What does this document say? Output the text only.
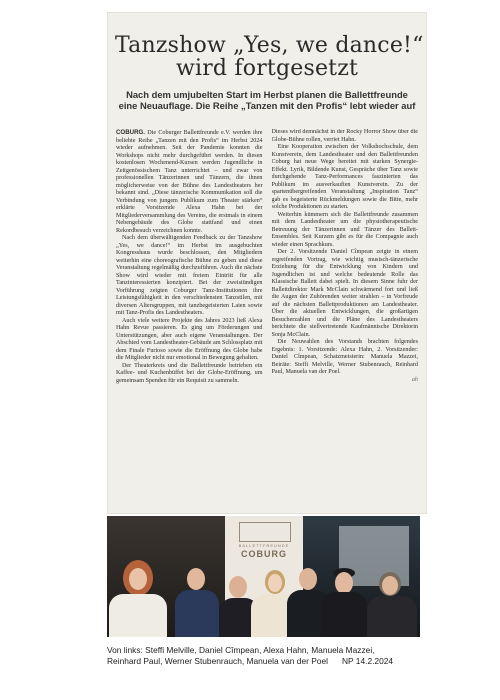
Tanzshow „Yes, we dance!“
wird fortgesetzt
Nach dem umjubelten Start im Herbst planen die Ballettfreunde eine Neuauflage. Die Reihe „Tanzen mit den Profis“ lebt wieder auf

COBURG. Die Coburger Ballettfreunde e.V. werden ihre beliebte Reihe „Tanzen mit den Profis“ im Herbst 2024 wieder aufnehmen. Seit der Pandemie konnten die Workshops nicht mehr durchgeführt werden. In diesen kostenlosen Wochenend-Kursen werden Jugendliche in Zeitgenössischem Tanz unterrichtet – und zwar von professionellen Tänzerinnen und Tänzern, die ihnen möglicherweise von der Bühne des Landestheaters her bekannt sind. „Diese tänzerische Kommunikation soll die Verbindung von jungem Publikum zum Theater stärken“ erklärte Vorsitzende Alexa Hahn bei der Mitgliederversammlung des Vereins, die erstmals in einem Nebengebäude des Globe stattfand und einen Rekordbesuch verzeichnen konnte.

Nach dem überwältigenden Feedback zu der Tanzshow „Yes, we dance!“ im Herbst im ausgebuchten Kongresshaus wurde beschlossen, den Mitgliedern weiterhin eine choreografische Bühne zu geben und diese Veranstaltung regelmäßig durchzuführen. Auch die nächste Show wird wieder mit freiem Eintritt für alle Tanzinteressierten konzipiert. Bei der zweistündigen Vorführung zeigten Coburger Tanz-Institutionen ihre Leistungsfähigkeit in den verschiedensten Tanzstilen, mit diversen Altersgruppen, mit tanzbegeisterten Laien sowie mit Tanz-Profis des Landestheaters.

Auch viele weitere Projekte des Jahres 2023 ließ Alexa Hahn Revue passieren. Es ging um Förderungen und Unterstützungen, aber auch eigene Veranstaltungen. Der Abschied vom Landestheater-Gebäude am Schlossplatz mit dem Finale Furioso sowie die Eröffnung des Globe habe die Mitglieder nicht nur emotional in Bewegung gehalten.

Der Theaterkreis und die Ballettfreunde betrieben ein Kaffee- und Kuchenbüffet bei der Globe-Eröffnung, um gemeinsam Spenden für ein Requisit zu sammeln.

Dieses wird demnächst in der Rocky Horror Show über die Globe-Bühne rollen, verriet Hahn.

Eine Kooperation zwischen der Volkshochschule, dem Kunstverein, dem Landestheater und den Ballettfreunden Coburg hat neue Wege bereitet mit starken Synergie-Effekt. Lyrik, Bildende Kunst, Gespräche über Tanz sowie durchgehende Tanz-Performances faszinierten das Publikum im ausverkauften Kunstverein. Zu der spartenübergreifenden Veranstaltung „Inspiration Tanz“ gab es begeisterte Rückmeldungen sowie die Bitte, mehr solche Produktionen zu starten.

Weiterhin kümmern sich die Ballettfreunde zusammen mit dem Landestheater um die physiotherapeutische Betreuung der Tänzerinnen und Tänzer des Ballett-Ensembles. Seit Kurzem gibt es für die Compagnie auch wieder einen Sprachkurs.

Der 2. Vorsitzende Daniel Cîmpean zeigte in einem ergreifenden Vortrag, wie wichtig musisch-tänzerische Erziehung für die Entwicklung von Kindern und Jugendlichen ist und welche bedeutende Rolle das Klassische Ballett dabei spielt. In diesem Sinne fuhr der Ballettdirektor Mark McClain schwärmend fort und ließ die Augen der Zuhörenden weiter strahlen – in Vorfreude auf die nächsten Ballettproduktionen am Landestheater. Über die aktuellen Entwicklungen, die großartigen Besucherzahlen und die Pläne des Landestheaters berichtete die stellvertretende Kaufmännische Direktorin Sonja McClain.

Die Neuwahlen des Vorstands brachten folgendes Ergebnis: 1. Vorsitzende: Alexa Hahn, 2. Vorsitzender: Daniel Cîmpean, Schatzmeisterin: Manuela Mazzei, Beirätе: Steffi Melville, Werner Stubenrauch, Reinhard Paul, Manuela van der Poel.

ah
BALLETTFREUNDE
COBURG
Von links: Steffi Melville, Daniel Cîmpean, Alexa Hahn, Manuela Mazzei,
Reinhard Paul, Werner Stubenrauch, Manuela van der Poel NP 14.2.2024
